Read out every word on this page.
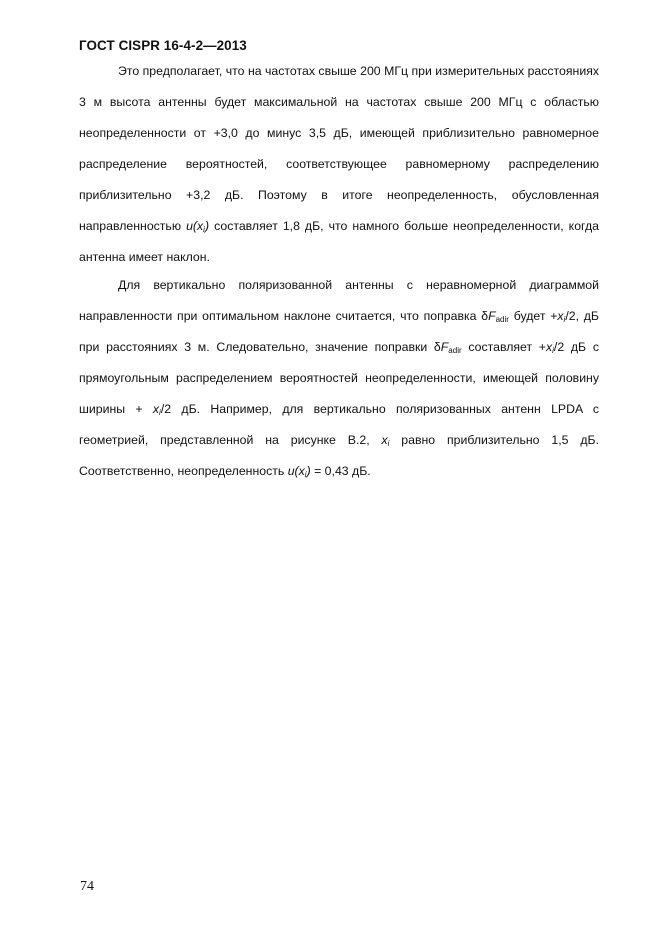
ГОСТ CISPR 16-4-2—2013

Это предполагает, что на частотах свыше 200 МГц при измерительных расстояниях 3 м высота антенны будет максимальной на частотах свыше 200 МГц с областью неопределенности от +3,0 до минус 3,5 дБ, имеющей приблизительно равномерное распределение вероятностей, соответствующее равномерному распределению приблизительно +3,2 дБ. Поэтому в итоге неопределенность, обусловленная направленностью $u(x_i)$ составляет 1,8 дБ, что намного больше неопределенности, когда антенна имеет наклон.

Для вертикально поляризованной антенны с неравномерной диаграммой направленности при оптимальном наклоне считается, что поправка $\delta F_{adir}$ будет $+x_i/2$, дБ при расстояниях 3 м. Следовательно, значение поправки $\delta F_{adir}$ составляет $+x_i/2$ дБ с прямоугольным распределением вероятностей неопределенности, имеющей половину ширины + $x_i/2$ дБ. Например, для вертикально поляризованных антенн LPDA с геометрией, представленной на рисунке B.2, $x_i$ равно приблизительно 1,5 дБ. Соответственно, неопределенность $u(x_i) = 0,43$ дБ.

74
